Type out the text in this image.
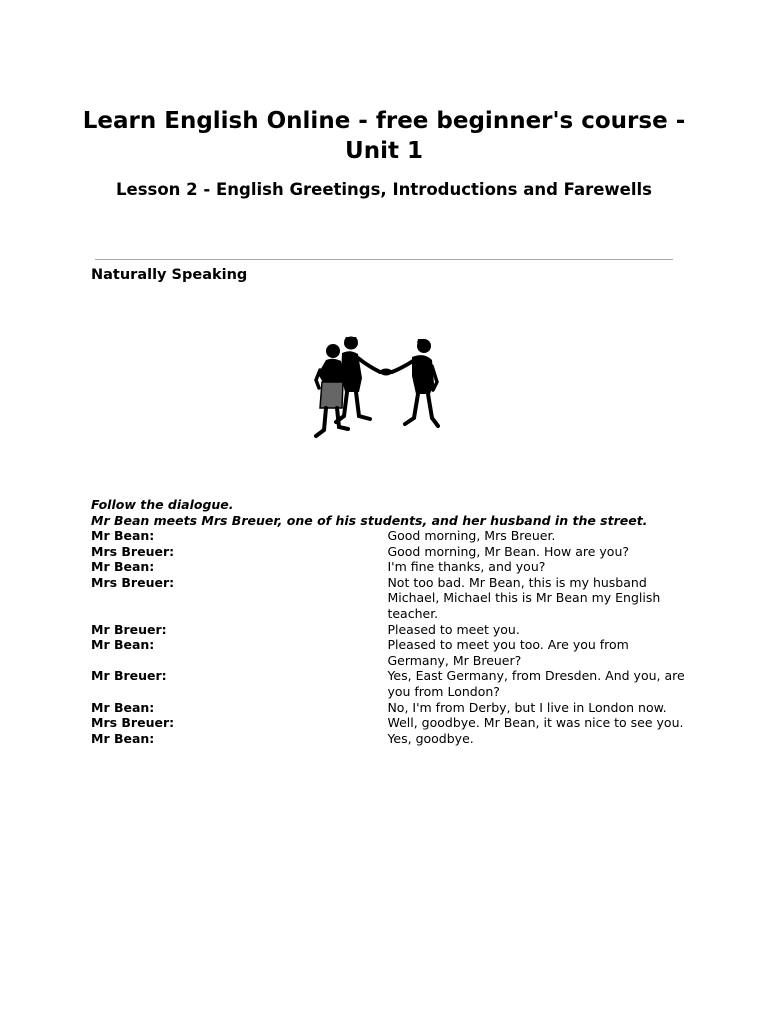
Learn English Online - free beginner's course - Unit 1
Lesson 2 - English Greetings, Introductions and Farewells
Naturally Speaking
Follow the dialogue.
Mr Bean meets Mrs Breuer, one of his students, and her husband in the street.
Mr Bean:	Good morning, Mrs Breuer.
Mrs Breuer:	Good morning, Mr Bean. How are you?
Mr Bean:	I'm fine thanks, and you?
Mrs Breuer:	Not too bad. Mr Bean, this is my husband Michael, Michael this is Mr Bean my English teacher.
Mr Breuer:	Pleased to meet you.
Mr Bean:	Pleased to meet you too. Are you from Germany, Mr Breuer?
Mr Breuer:	Yes, East Germany, from Dresden. And you, are you from London?
Mr Bean:	No, I'm from Derby, but I live in London now.
Mrs Breuer:	Well, goodbye. Mr Bean, it was nice to see you.
Mr Bean:	Yes, goodbye.
